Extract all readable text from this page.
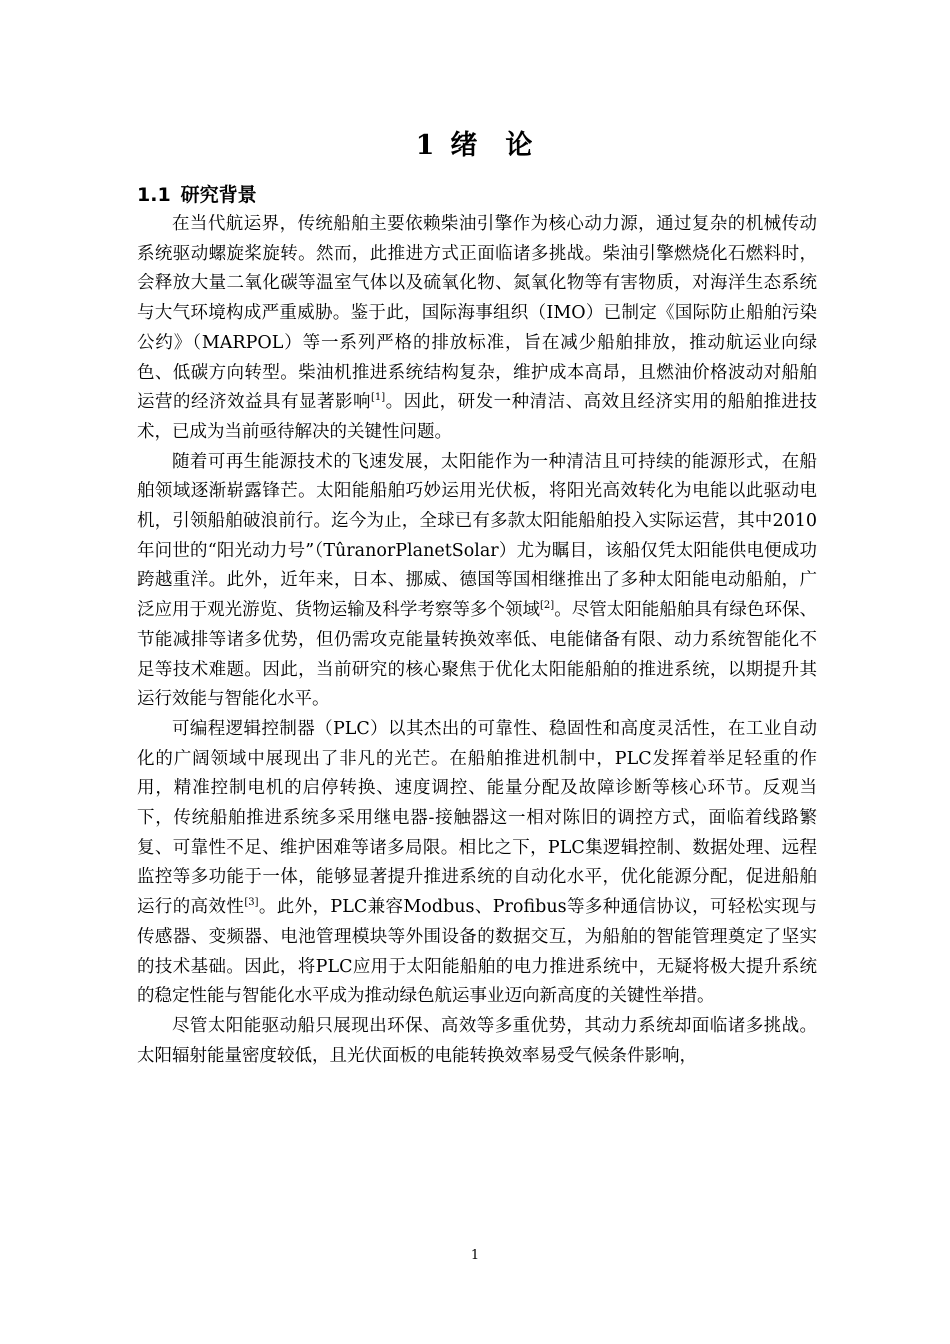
1 绪 论
1.1 研究背景

在当代航运界，传统船舶主要依赖柴油引擎作为核心动力源，通过复杂的机械传动系统驱动螺旋桨旋转。然而，此推进方式正面临诸多挑战。柴油引擎燃烧化石燃料时，会释放大量二氧化碳等温室气体以及硫氧化物、氮氧化物等有害物质，对海洋生态系统与大气环境构成严重威胁。鉴于此，国际海事组织（IMO）已制定《国际防止船舶污染公约》（MARPOL）等一系列严格的排放标准，旨在减少船舶排放，推动航运业向绿色、低碳方向转型。柴油机推进系统结构复杂，维护成本高昂，且燃油价格波动对船舶运营的经济效益具有显著影响[1]。因此，研发一种清洁、高效且经济实用的船舶推进技术，已成为当前亟待解决的关键性问题。

随着可再生能源技术的飞速发展，太阳能作为一种清洁且可持续的能源形式，在船舶领域逐渐崭露锋芒。太阳能船舶巧妙运用光伏板，将阳光高效转化为电能以此驱动电机，引领船舶破浪前行。迄今为止，全球已有多款太阳能船舶投入实际运营，其中2010年问世的“阳光动力号”（TûranorPlanetSolar）尤为瞩目，该船仅凭太阳能供电便成功跨越重洋。此外，近年来，日本、挪威、德国等国相继推出了多种太阳能电动船舶，广泛应用于观光游览、货物运输及科学考察等多个领域[2]。尽管太阳能船舶具有绿色环保、节能减排等诸多优势，但仍需攻克能量转换效率低、电能储备有限、动力系统智能化不足等技术难题。因此，当前研究的核心聚焦于优化太阳能船舶的推进系统，以期提升其运行效能与智能化水平。

可编程逻辑控制器（PLC）以其杰出的可靠性、稳固性和高度灵活性，在工业自动化的广阔领域中展现出了非凡的光芒。在船舶推进机制中，PLC发挥着举足轻重的作用，精准控制电机的启停转换、速度调控、能量分配及故障诊断等核心环节。反观当下，传统船舶推进系统多采用继电器-接触器这一相对陈旧的调控方式，面临着线路繁复、可靠性不足、维护困难等诸多局限。相比之下，PLC集逻辑控制、数据处理、远程监控等多功能于一体，能够显著提升推进系统的自动化水平，优化能源分配，促进船舶运行的高效性[3]。此外，PLC兼容Modbus、Profibus等多种通信协议，可轻松实现与传感器、变频器、电池管理模块等外围设备的数据交互，为船舶的智能管理奠定了坚实的技术基础。因此，将PLC应用于太阳能船舶的电力推进系统中，无疑将极大提升系统的稳定性能与智能化水平成为推动绿色航运事业迈向新高度的关键性举措。

尽管太阳能驱动船只展现出环保、高效等多重优势，其动力系统却面临诸多挑战。太阳辐射能量密度较低，且光伏面板的电能转换效率易受气候条件影响，

1
